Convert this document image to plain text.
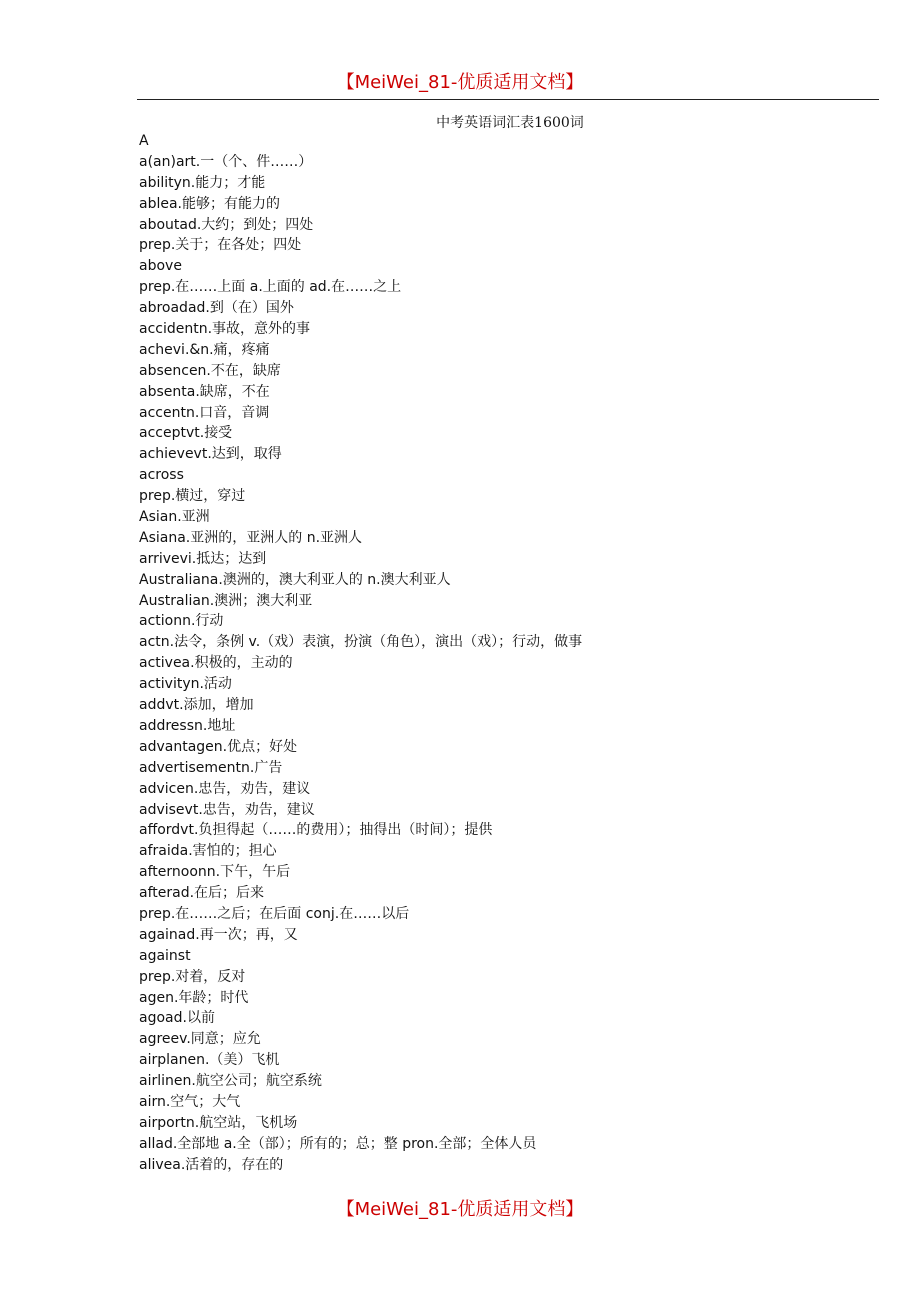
【MeiWei_81-优质适用文档】
中考英语词汇表1600词
A
a(an)art.一（个、件……）
abilityn.能力；才能
ablea.能够；有能力的
aboutad.大约；到处；四处
prep.关于；在各处；四处
above
prep.在……上面 a.上面的 ad.在……之上
abroadad.到（在）国外
accidentn.事故，意外的事
achevi.&n.痛，疼痛
absencen.不在，缺席
absenta.缺席，不在
accentn.口音，音调
acceptvt.接受
achievevt.达到，取得
across
prep.横过，穿过
Asian.亚洲
Asiana.亚洲的，亚洲人的 n.亚洲人
arrivevi.抵达；达到
Australiana.澳洲的，澳大利亚人的 n.澳大利亚人
Australian.澳洲；澳大利亚
actionn.行动
actn.法令，条例 v.（戏）表演，扮演（角色），演出（戏）；行动，做事
activea.积极的，主动的
activityn.活动
addvt.添加，增加
addressn.地址
advantagen.优点；好处
advertisementn.广告
advicen.忠告，劝告，建议
advisevt.忠告，劝告，建议
affordvt.负担得起（……的费用）；抽得出（时间）；提供
afraida.害怕的；担心
afternoonn.下午，午后
afterad.在后；后来
prep.在……之后；在后面 conj.在……以后
againad.再一次；再，又
against
prep.对着，反对
agen.年龄；时代
agoad.以前
agreev.同意；应允
airplanen.（美）飞机
airlinen.航空公司；航空系统
airn.空气；大气
airportn.航空站，飞机场
allad.全部地 a.全（部）；所有的；总；整 pron.全部；全体人员
alivea.活着的，存在的
【MeiWei_81-优质适用文档】
